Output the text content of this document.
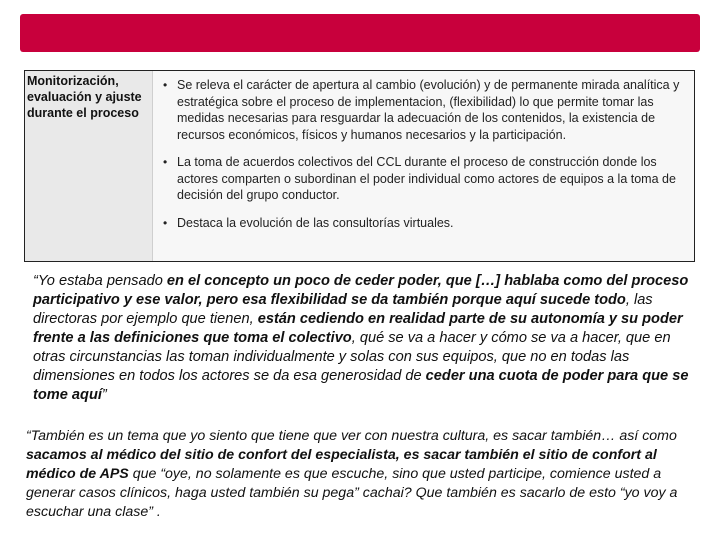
Monitorización,
evaluación y ajuste
durante el proceso
• Se releva el carácter de apertura al cambio (evolución) y de permanente mirada analítica y estratégica sobre el proceso de implementacion, (flexibilidad) lo que permite tomar las medidas necesarias para resguardar la adecuación de los contenidos, la existencia de recursos económicos, físicos y humanos necesarios y la participación.
• La toma de acuerdos colectivos del CCL durante el proceso de construcción donde los actores comparten o subordinan el poder individual como actores de equipos a la toma de decisión del grupo conductor.
• Destaca la evolución de las consultorías virtuales.
“Yo estaba pensado en el concepto un poco de ceder poder, que […] hablaba como del proceso participativo y ese valor, pero esa flexibilidad se da también porque aquí sucede todo, las directoras por ejemplo que tienen, están cediendo en realidad parte de su autonomía y su poder frente a las definiciones que toma el colectivo, qué se va a hacer y cómo se va a hacer, que en otras circunstancias las toman individualmente y solas con sus equipos, que no en todas las dimensiones en todos los actores se da esa generosidad de ceder una cuota de poder para que se tome aquí”
“También es un tema que yo siento que tiene que ver con nuestra cultura, es sacar también… así como sacamos al médico del sitio de confort del especialista, es sacar también el sitio de confort al médico de APS que “oye, no solamente es que escuche, sino que usted participe, comience usted a generar casos clínicos, haga usted también su pega” cachai? Que también es sacarlo de esto “yo voy a escuchar una clase” .
